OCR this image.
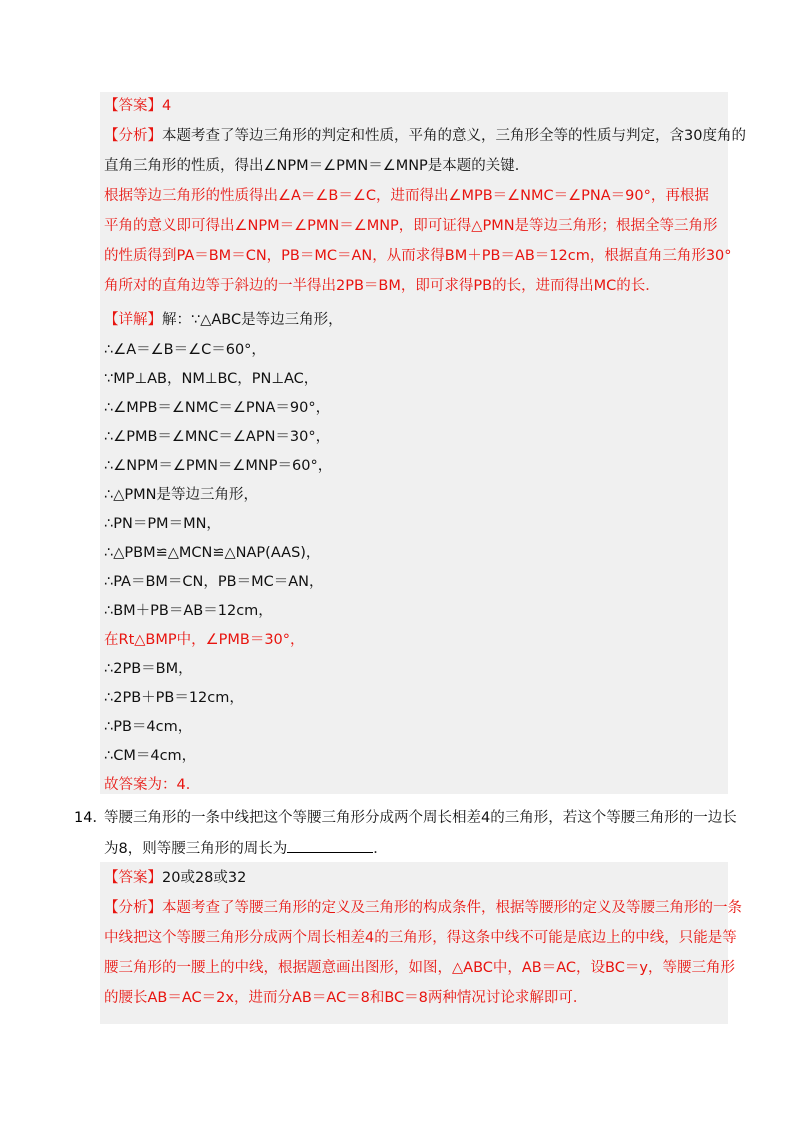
【答案】4
【分析】本题考查了等边三角形的判定和性质，平角的意义，三角形全等的性质与判定，含30度角的
直角三角形的性质，得出∠NPM＝∠PMN＝∠MNP是本题的关键．
根据等边三角形的性质得出∠A＝∠B＝∠C，进而得出∠MPB＝∠NMC＝∠PNA＝90°，再根据
平角的意义即可得出∠NPM＝∠PMN＝∠MNP，即可证得△PMN是等边三角形；根据全等三角形
的性质得到PA＝BM＝CN，PB＝MC＝AN，从而求得BM＋PB＝AB＝12cm，根据直角三角形30°
角所对的直角边等于斜边的一半得出2PB＝BM，即可求得PB的长，进而得出MC的长．
【详解】解：∵△ABC是等边三角形，
∴∠A＝∠B＝∠C＝60°，
∵MP⊥AB，NM⊥BC，PN⊥AC，
∴∠MPB＝∠NMC＝∠PNA＝90°，
∴∠PMB＝∠MNC＝∠APN＝30°，
∴∠NPM＝∠PMN＝∠MNP＝60°，
∴△PMN是等边三角形，
∴PN＝PM＝MN，
∴△PBM≌△MCN≌△NAP(AAS)，
∴PA＝BM＝CN，PB＝MC＝AN，
∴BM＋PB＝AB＝12cm，
在Rt△BMP中，∠PMB＝30°，
∴2PB＝BM，
∴2PB＋PB＝12cm，
∴PB＝4cm，
∴CM＝4cm，
故答案为：4．
14．
等腰三角形的一条中线把这个等腰三角形分成两个周长相差4的三角形，若这个等腰三角形的一边长
为8，则等腰三角形的周长为	．
【答案】20或28或32
【分析】本题考查了等腰三角形的定义及三角形的构成条件，根据等腰形的定义及等腰三角形的一条
中线把这个等腰三角形分成两个周长相差4的三角形，得这条中线不可能是底边上的中线，只能是等
腰三角形的一腰上的中线，根据题意画出图形，如图，△ABC中，AB＝AC，设BC＝y，等腰三角形
的腰长AB＝AC＝2x，进而分AB＝AC＝8和BC＝8两种情况讨论求解即可．
